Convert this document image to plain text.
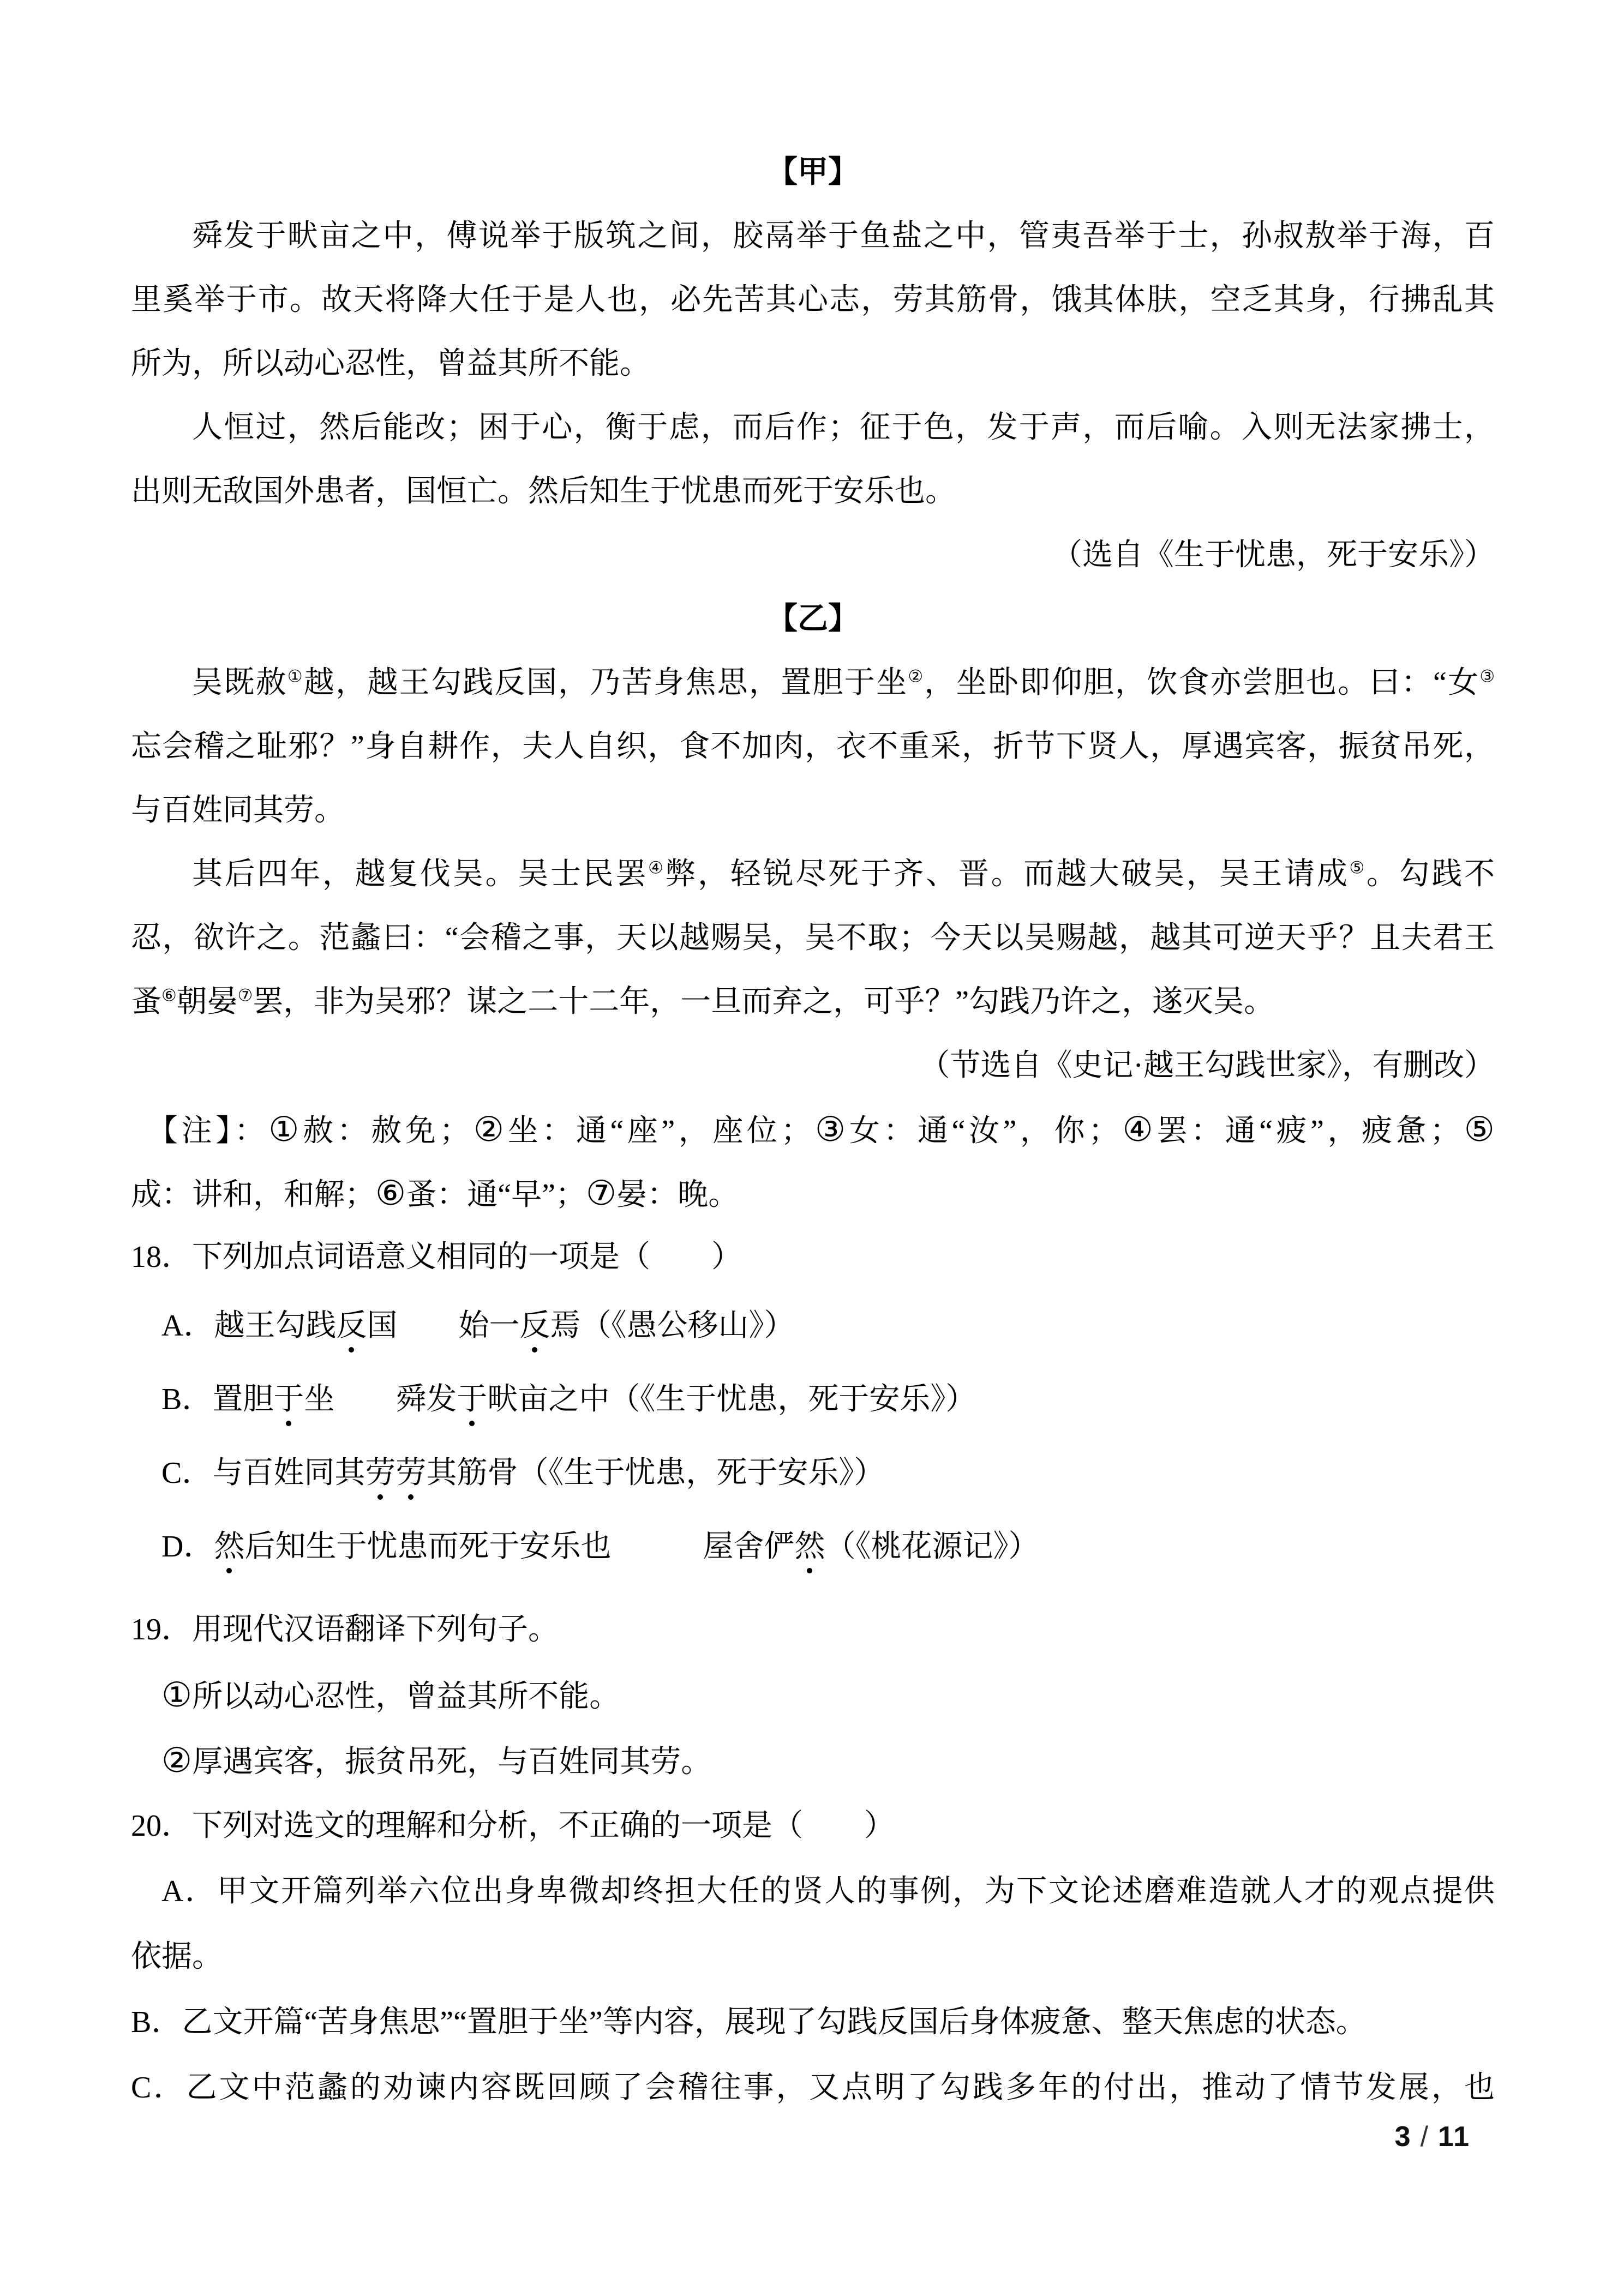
【甲】
舜发于畎亩之中，傅说举于版筑之间，胶鬲举于鱼盐之中，管夷吾举于士，孙叔敖举于海，百
里奚举于市。故天将降大任于是人也，必先苦其心志，劳其筋骨，饿其体肤，空乏其身，行拂乱其
所为，所以动心忍性，曾益其所不能。
人恒过，然后能改；困于心，衡于虑，而后作；征于色，发于声，而后喻。入则无法家拂士，
出则无敌国外患者，国恒亡。然后知生于忧患而死于安乐也。
（选自《生于忧患，死于安乐》）
【乙】
吴既赦①越，越王勾践反国，乃苦身焦思，置胆于坐②，坐卧即仰胆，饮食亦尝胆也。曰：“女③
忘会稽之耻邪？”身自耕作，夫人自织，食不加肉，衣不重采，折节下贤人，厚遇宾客，振贫吊死，
与百姓同其劳。
其后四年，越复伐吴。吴士民罢④弊，轻锐尽死于齐、晋。而越大破吴，吴王请成⑤。勾践不
忍，欲许之。范蠡曰：“会稽之事，天以越赐吴，吴不取；今天以吴赐越，越其可逆天乎？且夫君王
蚤⑥朝晏⑦罢，非为吴邪？谋之二十二年，一旦而弃之，可乎？”勾践乃许之，遂灭吴。
（节选自《史记·越王勾践世家》，有删改）
【注】：①赦：赦免；②坐：通“座”，座位；③女：通“汝”，你；④罢：通“疲”，疲惫；⑤
成：讲和，和解；⑥蚤：通“早”；⑦晏：晚。
18．下列加点词语意义相同的一项是（　　）
A．越王勾践反国　　始一反焉（《愚公移山》）
B．置胆于坐　　舜发于畎亩之中（《生于忧患，死于安乐》）
C．与百姓同其劳劳其筋骨（《生于忧患，死于安乐》）
D．然后知生于忧患而死于安乐也　　　屋舍俨然（《桃花源记》）
19．用现代汉语翻译下列句子。
①所以动心忍性，曾益其所不能。
②厚遇宾客，振贫吊死，与百姓同其劳。
20．下列对选文的理解和分析，不正确的一项是（　　）
A．甲文开篇列举六位出身卑微却终担大任的贤人的事例，为下文论述磨难造就人才的观点提供
依据。
B．乙文开篇“苦身焦思”“置胆于坐”等内容，展现了勾践反国后身体疲惫、整天焦虑的状态。
C．乙文中范蠡的劝谏内容既回顾了会稽往事，又点明了勾践多年的付出，推动了情节发展，也
3 / 11
